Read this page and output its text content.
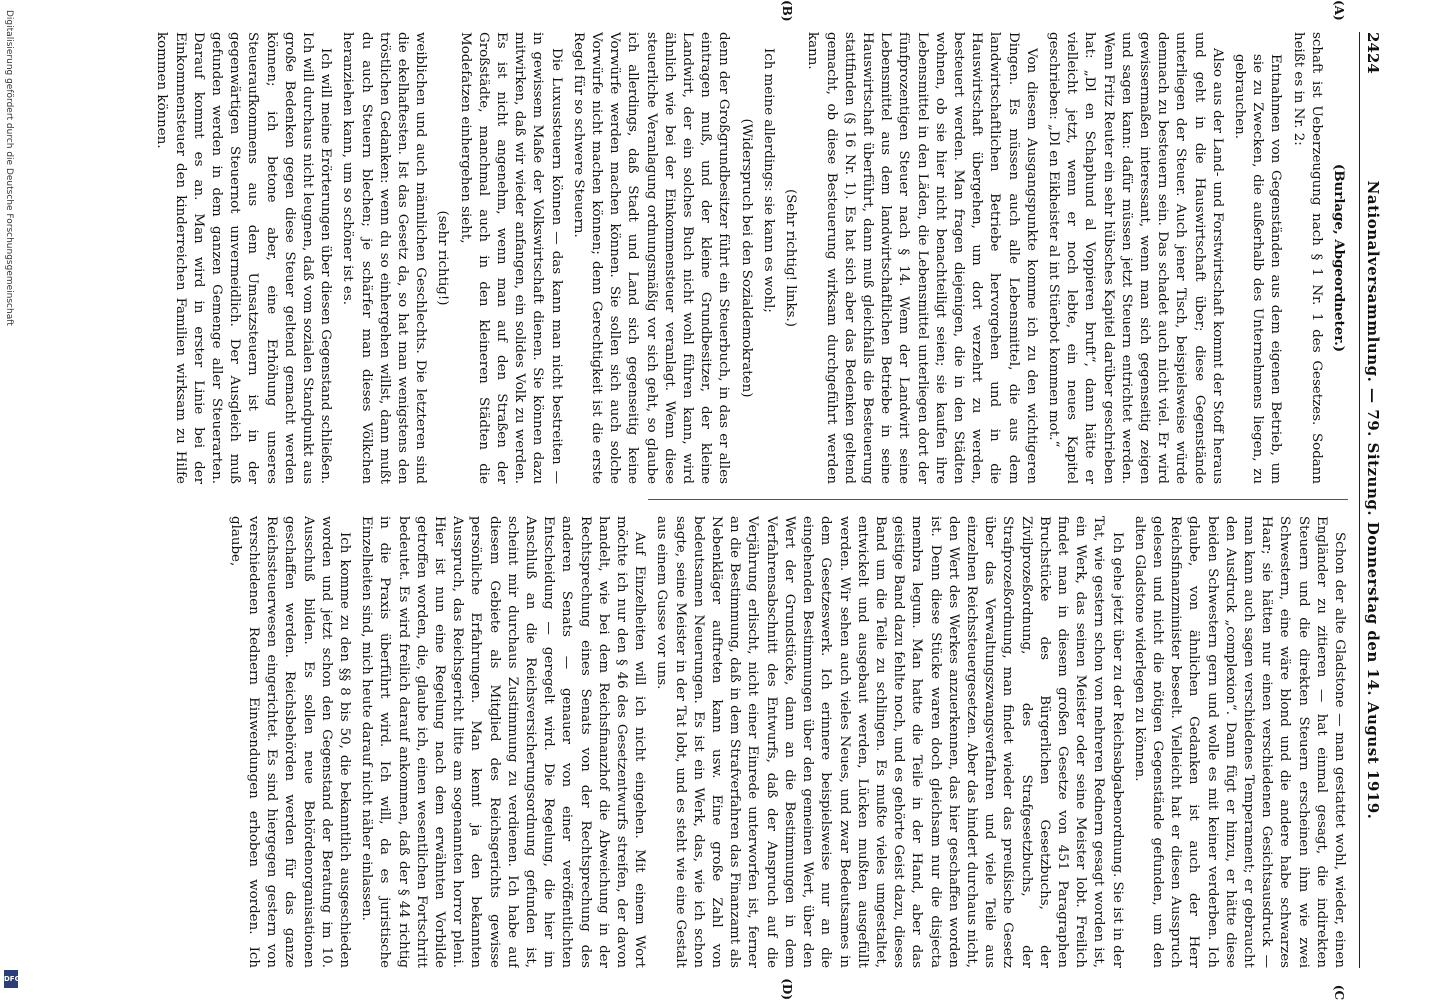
2424
Nationalversammlung. — 79. Sitzung. Donnerstag den 14. August 1919.
(A)
(B)
(C
(D)

(Burlage, Abgeordneter.)

schaft ist Ueberzeugung nach § 1 Nr. 1 des Gesetzes. Sodann heißt es in Nr. 2:

Entnahmen von Gegenständen aus dem eigenen Betrieb, um sie zu Zwecken, die außerhalb des Unternehmens liegen, zu gebrauchen.

Also aus der Land- und Forstwirtschaft kommt der Stoff heraus und geht in die Hauswirtschaft über; diese Gegenstände unterliegen der Steuer. Auch jener Tisch, beispielsweise würde demnach zu besteuern sein. Das schadet auch nicht viel. Er wird gewissermaßen interessant, wenn man sich gegenseitig zeigen und sagen kann: dafür müssen jetzt Steuern entrichtet werden. Wenn Fritz Reuter ein sehr hübsches Kapitel darüber geschrieben hat: „Dl en Schaphund al Voppieren bruft“, dann hätte er vielleicht jetzt, wenn er noch lebte, ein neues Kapitel geschrieben: „Dl en Eikheister al int Stüerbot kommen mot.“

Von diesem Ausgangspunkte komme ich zu den wichtigeren Dingen. Es müssen auch alle Lebensmittel, die aus dem landwirtschaftlichen Betriebe hervorgehen und in die Hauswirtschaft übergehen, um dort verzehrt zu werden, besteuert werden. Man fragen diejenigen, die in den Städten wohnen, ob sie hier nicht benachteiligt seien; sie kaufen ihre Lebensmittel in den Läden, die Lebensmittel unterliegen dort der fünfprozentigen Steuer nach § 14. Wenn der Landwirt seine Lebensmittel aus dem landwirtschaftlichen Betriebe in seine Hauswirtschaft überführt, dann muß gleichfalls die Besteuerung stattfinden (§ 16 Nr. 1). Es hat sich aber das Bedenken geltend gemacht, ob diese Besteuerung wirksam durchgeführt werden kann.

(Sehr richtig! links.)

Ich meine allerdings: sie kann es wohl;

(Widerspruch bei den Sozialdemokraten)

denn der Großgrundbesitzer führt ein Steuerbuch, in das er alles eintragen muß, und der kleine Grundbesitzer, der kleine Landwirt, der ein solches Buch nicht wohl führen kann, wird ähnlich wie bei der Einkommensteuer veranlagt. Wenn diese steuerliche Veranlagung ordnungsmäßig vor sich geht, so glaube ich allerdings, daß Stadt und Land sich gegenseitig keine Vorwürfe werden machen können. Sie sollen sich auch solche Vorwürfe nicht machen können; denn Gerechtigkeit ist die erste Regel für so schwere Steuern.

Die Luxussteuern können — das kann man nicht bestreiten — in gewissem Maße der Volkswirtschaft dienen. Sie können dazu mitwirken, daß wir wieder anfangen, ein solides Volk zu werden. Es ist nicht angenehm, wenn man auf den Straßen der Großstädte, manchmal auch in den kleineren Städten die Modefatzen einhergehen sieht,

(sehr richtig!)

weiblichen und auch männlichen Geschlechts. Die letzteren sind die ekelhaftesten. Ist das Gesetz da, so hat man wenigstens den tröstlichen Gedanken: wenn du so einhergehen willst, dann mußt du auch Steuern blechen; je schärfer man dieses Völkchen heranziehen kann, um so schöner ist es.

Ich will meine Erörterungen über diesen Gegenstand schließen. Ich will durchaus nicht leugnen, daß vom sozialen Standpunkt aus große Bedenken gegen diese Steuer geltend gemacht werden können; ich betone aber, eine Erhöhung unseres Steueraufkommens aus dem Umsatzsteuern ist in der gegenwärtigen Steuernot unvermeidlich. Der Ausgleich muß gefunden werden in dem ganzen Gemenge aller Steuerarten. Darauf kommt es an. Man wird in erster Linie bei der Einkommensteuer den kinderreichen Familien wirksam zu Hilfe kommen können.

Schon der alte Gladstone — man gestattet wohl, wieder, einen Engländer zu zitieren — hat einmal gesagt, die indirekten Steuern und die direkten Steuern erscheinen ihm wie zwei Schwestern, eine wäre blond und die andere habe schwarzes Haar; sie hätten nur einen verschiedenen Gesichtsausdruck — man kann auch sagen verschiedenes Temperament; er gebraucht den Ausdruck „complexion“. Dann fügt er hinzu, er hätte diese beiden Schwestern gern und wolle es mit keiner verderben. Ich glaube, von ähnlichen Gedanken ist auch der Herr Reichsfinanzminister beseelt. Vielleicht hat er diesen Ausspruch gelesen und nicht die nötigen Gegenstände gefunden, um den alten Gladstone widerlegen zu können.

Ich gehe jetzt über zu der Reichsabgabenordnung. Sie ist in der Tat, wie gestern schon von mehreren Rednern gesagt worden ist, ein Werk, das seinen Meister oder seine Meister lobt. Freilich findet man in diesem großen Gesetze von 451 Paragraphen Bruchstücke des Bürgerlichen Gesetzbuchs, der Zivilprozeßordnung, des Strafgesetzbuchs, der Strafprozeßordnung, man findet wieder das preußische Gesetz über das Verwaltungszwangsverfahren und viele Teile aus einzelnen Reichssteuergesetzen. Aber das hindert durchaus nicht, den Wert des Werkes anzuerkennen, das hier geschaffen worden ist. Denn diese Stücke waren doch gleichsam nur die disjecta membra legum. Man hatte die Teile in der Hand, aber das geistige Band dazu fehlte noch, und es gehörte Geist dazu, dieses Band um die Teile zu schlingen. Es mußte vieles umgestaltet, entwickelt und ausgebaut werden, Lücken mußten ausgefüllt werden. Wir sehen auch vieles Neues, und zwar Bedeutsames in dem Gesetzeswerk. Ich erinnere beispielsweise nur an die eingehenden Bestimmungen über den gemeinen Wert, über den Wert der Grundstücke, dann an die Bestimmungen in dem Verfahrensabschnitt des Entwurfs, daß der Anspruch auf die Verjährung erlischt, nicht einer Einrede unterworfen ist, ferner an die Bestimmung, daß in dem Strafverfahren das Finanzamt als Nebenkläger auftreten kann usw. Eine große Zahl von bedeutsamen Neuerungen. Es ist ein Werk, das, wie ich schon sagte, seine Meister in der Tat lobt, und es steht wie eine Gestalt aus einem Gusse vor uns.

Auf Einzelheiten will ich nicht eingehen. Mit einem Wort möchte ich nur den § 46 des Gesetzentwurfs streifen, der davon handelt, wie bei dem Reichsfinanzhof die Abweichung in der Rechtsprechung eines Senats von der Rechtsprechung des anderen Senats — genauer von einer veröffentlichten Entscheidung — geregelt wird. Die Regelung, die hier im Anschluß an die Reichsversicherungsordnung gefunden ist, scheint mir durchaus Zustimmung zu verdienen. Ich habe auf diesem Gebiete als Mitglied des Reichsgerichts gewisse persönliche Erfahrungen. Man kennt ja den bekannten Ausspruch, das Reichsgericht litte am sogenannten horror pleni. Hier ist nun eine Regelung nach dem erwähnten Vorbilde getroffen worden, die, glaube ich, einen wesentlichen Fortschritt bedeutet. Es wird freilich darauf ankommen, daß der § 44 richtig in die Praxis überführt wird. Ich will, da es juristische Einzelheiten sind, mich heute darauf nicht näher einlassen.

Ich komme zu den §§ 8 bis 50, die bekanntlich ausgeschieden worden und jetzt schon den Gegenstand der Beratung im 10. Ausschuß bilden. Es sollen neue Behördenorganisationen geschaffen werden. Reichsbehörden werden für das ganze Reichssteuerwesen eingerichtet. Es sind hiergegen gestern von verschiedenen Rednern Einwendungen erhoben worden. Ich glaube,

Digitalisierung gefördert durch die Deutsche Forschungsgemeinschaft
DFG
